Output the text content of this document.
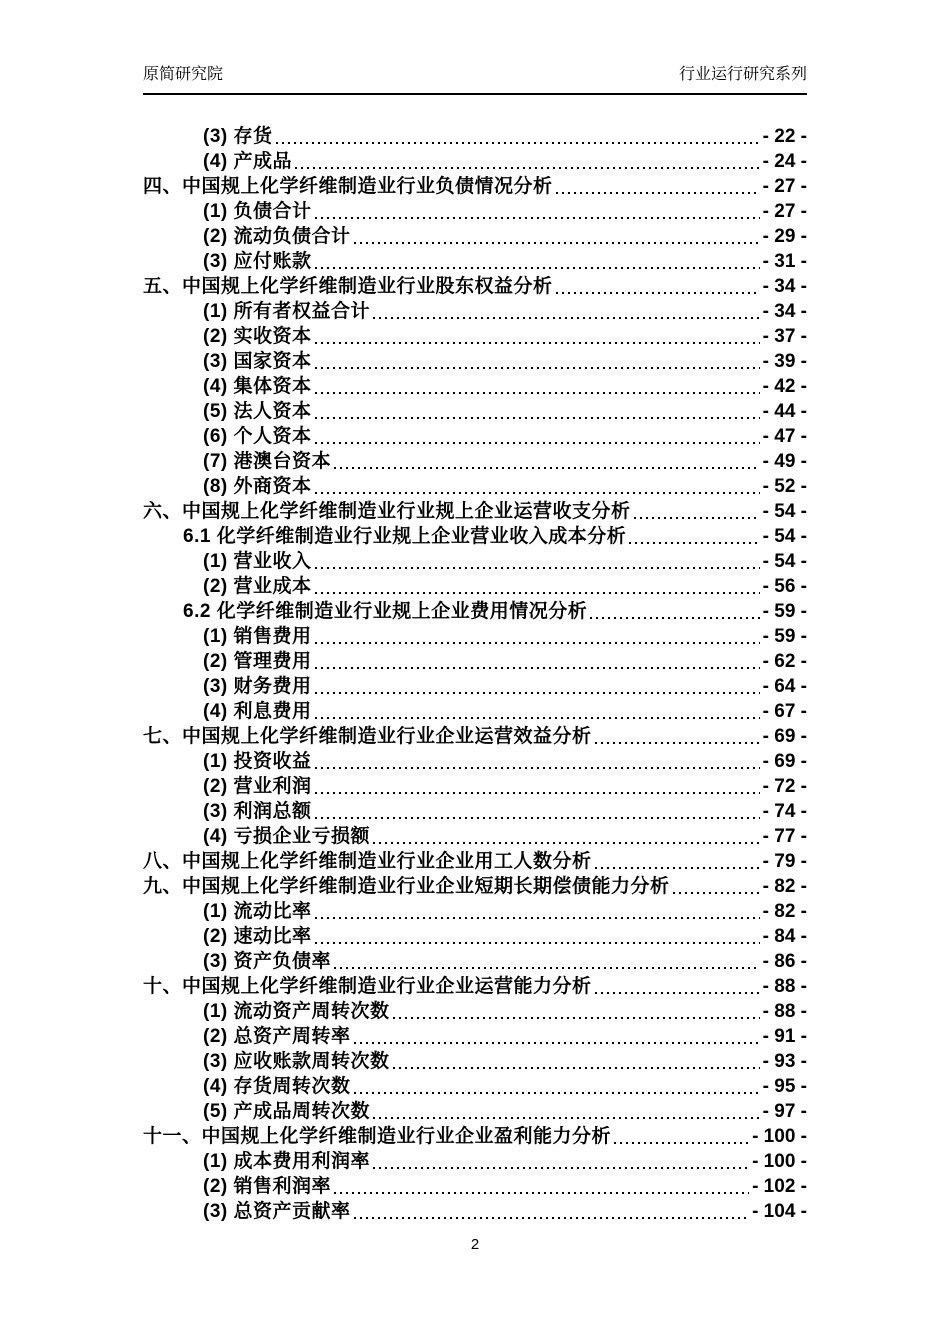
原简研究院	行业运行研究系列
(3) 存货	- 22 -
(4) 产成品	- 24 -
四、中国规上化学纤维制造业行业负债情况分析	- 27 -
(1) 负债合计	- 27 -
(2) 流动负债合计	- 29 -
(3) 应付账款	- 31 -
五、中国规上化学纤维制造业行业股东权益分析	- 34 -
(1) 所有者权益合计	- 34 -
(2) 实收资本	- 37 -
(3) 国家资本	- 39 -
(4) 集体资本	- 42 -
(5) 法人资本	- 44 -
(6) 个人资本	- 47 -
(7) 港澳台资本	- 49 -
(8) 外商资本	- 52 -
六、中国规上化学纤维制造业行业规上企业运营收支分析	- 54 -
6.1 化学纤维制造业行业规上企业营业收入成本分析	- 54 -
(1) 营业收入	- 54 -
(2) 营业成本	- 56 -
6.2 化学纤维制造业行业规上企业费用情况分析	- 59 -
(1) 销售费用	- 59 -
(2) 管理费用	- 62 -
(3) 财务费用	- 64 -
(4) 利息费用	- 67 -
七、中国规上化学纤维制造业行业企业运营效益分析	- 69 -
(1) 投资收益	- 69 -
(2) 营业利润	- 72 -
(3) 利润总额	- 74 -
(4) 亏损企业亏损额	- 77 -
八、中国规上化学纤维制造业行业企业用工人数分析	- 79 -
九、中国规上化学纤维制造业行业企业短期长期偿债能力分析	- 82 -
(1) 流动比率	- 82 -
(2) 速动比率	- 84 -
(3) 资产负债率	- 86 -
十、中国规上化学纤维制造业行业企业运营能力分析	- 88 -
(1) 流动资产周转次数	- 88 -
(2) 总资产周转率	- 91 -
(3) 应收账款周转次数	- 93 -
(4) 存货周转次数	- 95 -
(5) 产成品周转次数	- 97 -
十一、中国规上化学纤维制造业行业企业盈利能力分析	- 100 -
(1) 成本费用利润率	- 100 -
(2) 销售利润率	- 102 -
(3) 总资产贡献率	- 104 -
2
